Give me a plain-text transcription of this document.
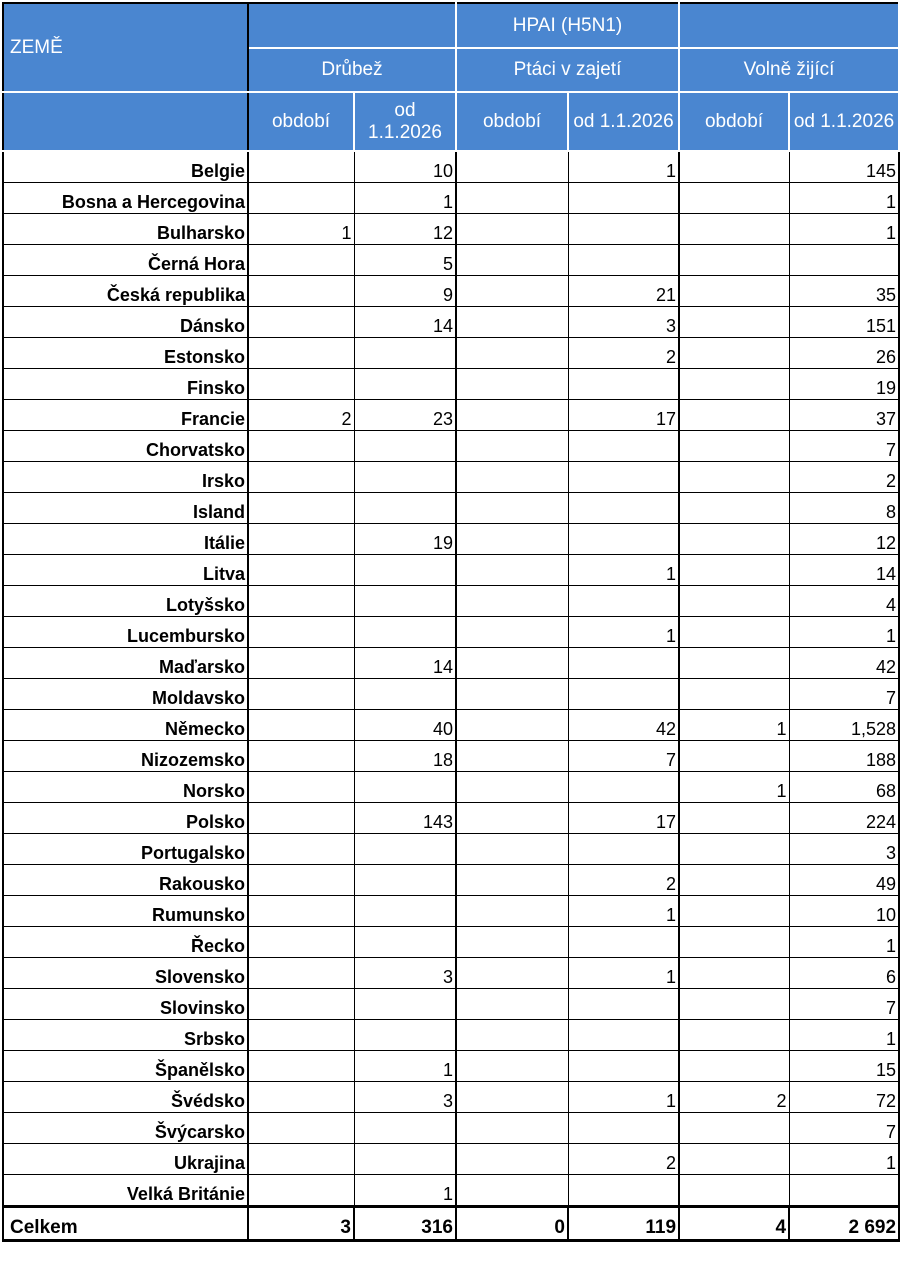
ZEMĚ			HPAI (H5N1)			
	Drůbež		Ptáci v zajetí		Volně žijící	
	období	od 1.1.2026	období	od 1.1.2026	období	od 1.1.2026
Belgie		10		1		145
Bosna a Hercegovina		1				1
Bulharsko	1	12				1
Černá Hora		5				
Česká republika		9		21		35
Dánsko		14		3		151
Estonsko				2		26
Finsko						19
Francie	2	23		17		37
Chorvatsko						7
Irsko						2
Island						8
Itálie		19				12
Litva				1		14
Lotyšsko						4
Lucembursko				1		1
Maďarsko		14				42
Moldavsko						7
Německo		40		42	1	1,528
Nizozemsko		18		7		188
Norsko					1	68
Polsko		143		17		224
Portugalsko						3
Rakousko				2		49
Rumunsko				1		10
Řecko						1
Slovensko		3		1		6
Slovinsko						7
Srbsko						1
Španělsko		1				15
Švédsko		3		1	2	72
Švýcarsko						7
Ukrajina				2		1
Velká Británie		1				
Celkem	3	316	0	119	4	2 692
